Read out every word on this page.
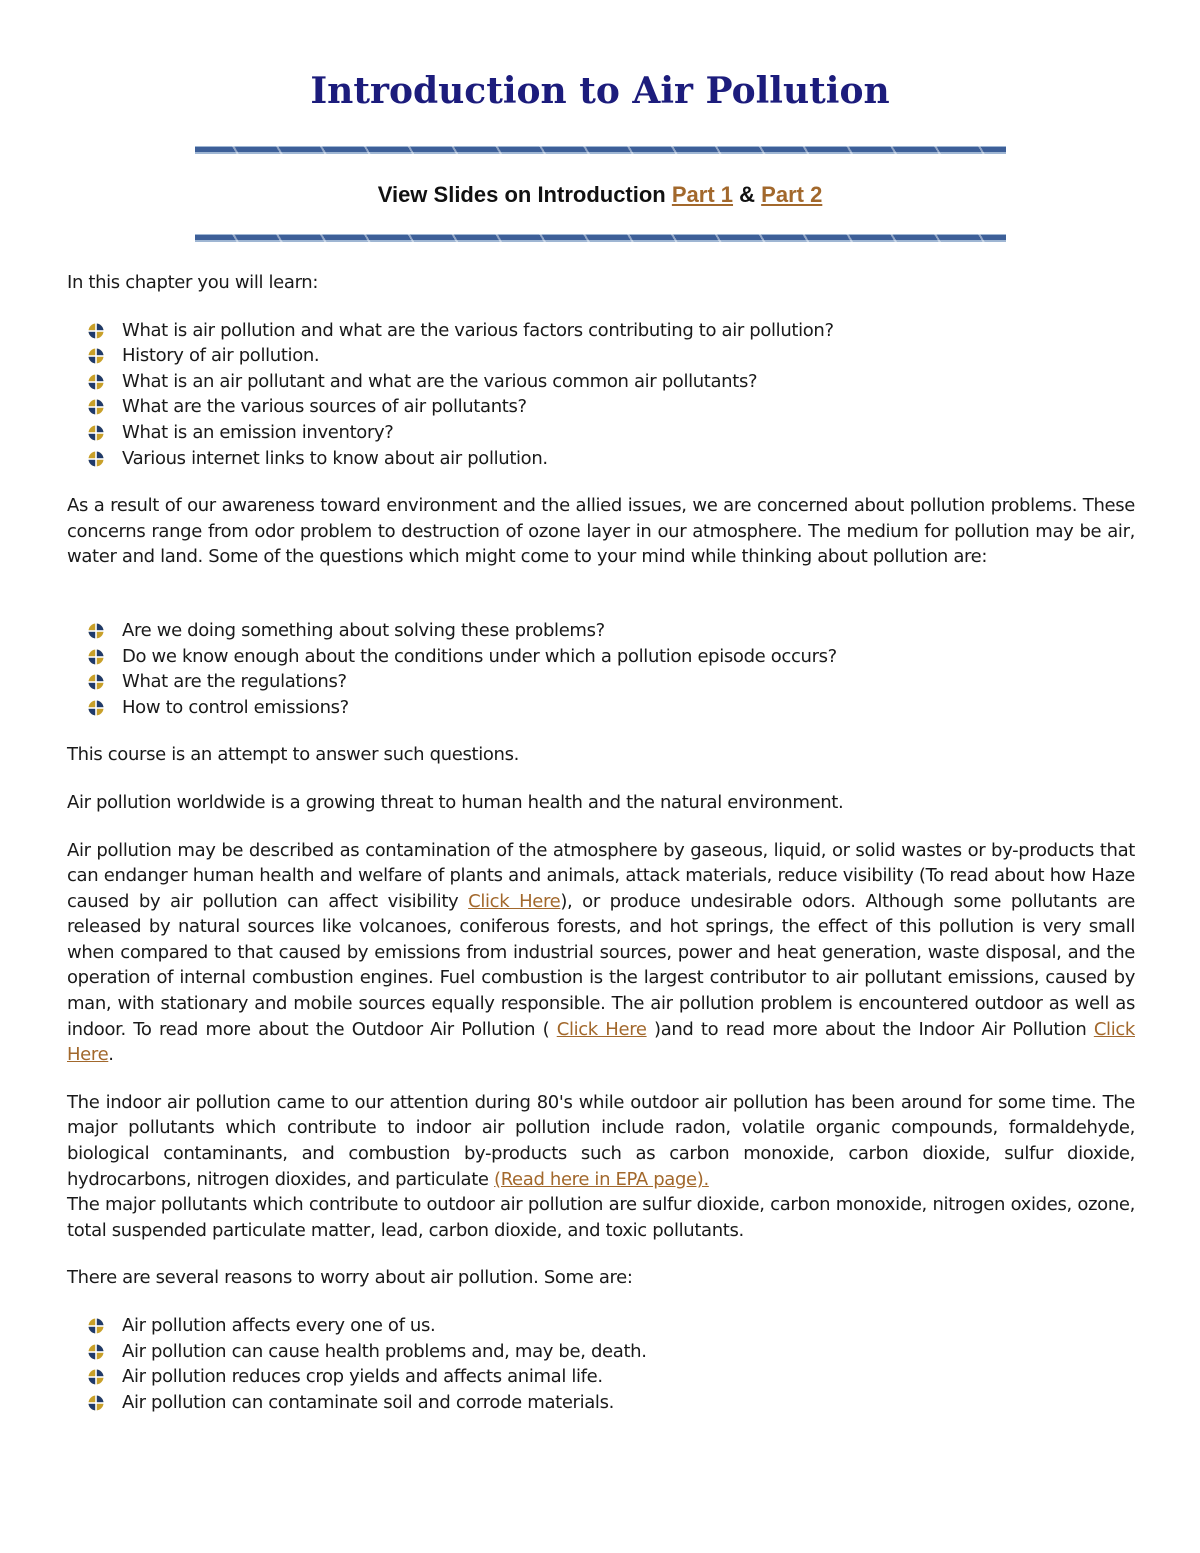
Introduction to Air Pollution
View Slides on Introduction Part 1 & Part 2

In this chapter you will learn:

What is air pollution and what are the various factors contributing to air pollution?
History of air pollution.
What is an air pollutant and what are the various common air pollutants?
What are the various sources of air pollutants?
What is an emission inventory?
Various internet links to know about air pollution.

As a result of our awareness toward environment and the allied issues, we are concerned about pollution problems. These concerns range from odor problem to destruction of ozone layer in our atmosphere. The medium for pollution may be air, water and land. Some of the questions which might come to your mind while thinking about pollution are:

Are we doing something about solving these problems?
Do we know enough about the conditions under which a pollution episode occurs?
What are the regulations?
How to control emissions?

This course is an attempt to answer such questions.

Air pollution worldwide is a growing threat to human health and the natural environment.

Air pollution may be described as contamination of the atmosphere by gaseous, liquid, or solid wastes or by-products that can endanger human health and welfare of plants and animals, attack materials, reduce visibility (To read about how Haze caused by air pollution can affect visibility Click Here), or produce undesirable odors. Although some pollutants are released by natural sources like volcanoes, coniferous forests, and hot springs, the effect of this pollution is very small when compared to that caused by emissions from industrial sources, power and heat generation, waste disposal, and the operation of internal combustion engines. Fuel combustion is the largest contributor to air pollutant emissions, caused by man, with stationary and mobile sources equally responsible. The air pollution problem is encountered outdoor as well as indoor. To read more about the Outdoor Air Pollution ( Click Here )and to read more about the Indoor Air Pollution Click Here.

The indoor air pollution came to our attention during 80's while outdoor air pollution has been around for some time. The major pollutants which contribute to indoor air pollution include radon, volatile organic compounds, formaldehyde, biological contaminants, and combustion by-products such as carbon monoxide, carbon dioxide, sulfur dioxide, hydrocarbons, nitrogen dioxides, and particulate (Read here in EPA page).

The major pollutants which contribute to outdoor air pollution are sulfur dioxide, carbon monoxide, nitrogen oxides, ozone, total suspended particulate matter, lead, carbon dioxide, and toxic pollutants.

There are several reasons to worry about air pollution. Some are:

Air pollution affects every one of us.
Air pollution can cause health problems and, may be, death.
Air pollution reduces crop yields and affects animal life.
Air pollution can contaminate soil and corrode materials.
